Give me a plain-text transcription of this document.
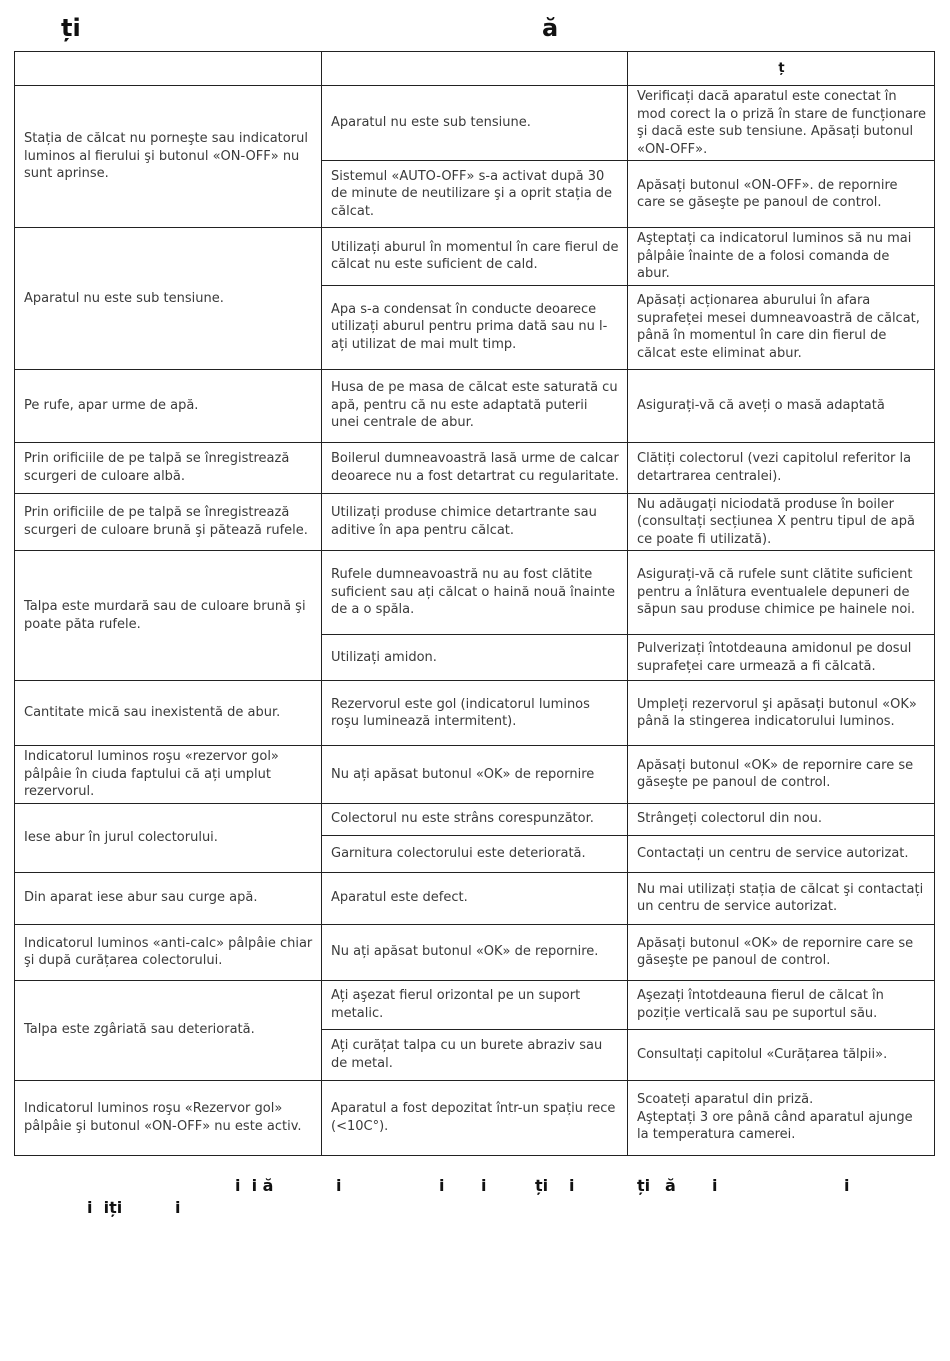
ți	ă
		ț
Stația de călcat nu porneşte sau indicatorul luminos al fierului şi butonul «ON-OFF» nu sunt aprinse.	Aparatul nu este sub tensiune.	Verificați dacă aparatul este conectat în mod corect la o priză în stare de funcționare şi dacă este sub tensiune. Apăsați butonul «ON-OFF».
	Sistemul «AUTO-OFF» s-a activat după 30 de minute de neutilizare şi a oprit stația de călcat.	Apăsați butonul «ON-OFF». de repornire care se găseşte pe panoul de control.
Aparatul nu este sub tensiune.	Utilizați aburul în momentul în care fierul de călcat nu este suficient de cald.	Aşteptați ca indicatorul luminos să nu mai pâlpâie înainte de a folosi comanda de abur.
	Apa s-a condensat în conducte deoarece utilizați aburul pentru prima dată sau nu l-ați utilizat de mai mult timp.	Apăsați acționarea aburului în afara suprafeței mesei dumneavoastră de călcat, până în momentul în care din fierul de călcat este eliminat abur.
Pe rufe, apar urme de apă.	Husa de pe masa de călcat este saturată cu apă, pentru că nu este adaptată puterii unei centrale de abur.	Asigurați-vă că aveți o masă adaptată
Prin orificiile de pe talpă se înregistrează scurgeri de culoare albă.	Boilerul dumneavoastră lasă urme de calcar deoarece nu a fost detartrat cu regularitate.	Clătiți colectorul (vezi capitolul referitor la detartrarea centralei).
Prin orificiile de pe talpă se înregistrează scurgeri de culoare brună şi pătează rufele.	Utilizați produse chimice detartrante sau aditive în apa pentru călcat.	Nu adăugați niciodată produse în boiler (consultați secțiunea X pentru tipul de apă ce poate fi utilizată).
Talpa este murdară sau de culoare brună şi poate păta rufele.	Rufele dumneavoastră nu au fost clătite suficient sau ați călcat o haină nouă înainte de a o spăla.	Asigurați-vă că rufele sunt clătite suficient pentru a înlătura eventualele depuneri de săpun sau produse chimice pe hainele noi.
	Utilizați amidon.	Pulverizați întotdeauna amidonul pe dosul suprafeței care urmează a fi călcată.
Cantitate mică sau inexistentă de abur.	Rezervorul este gol (indicatorul luminos roşu luminează intermitent).	Umpleți rezervorul şi apăsați butonul «OK» până la stingerea indicatorului luminos.
Indicatorul luminos roşu «rezervor gol» pâlpâie în ciuda faptului că ați umplut rezervorul.	Nu ați apăsat butonul «OK» de repornire	Apăsați butonul «OK» de repornire care se găseşte pe panoul de control.
Iese abur în jurul colectorului.	Colectorul nu este strâns corespunzător.	Strângeți colectorul din nou.
	Garnitura colectorului este deteriorată.	Contactați un centru de service autorizat.
Din aparat iese abur sau curge apă.	Aparatul este defect.	Nu mai utilizați stația de călcat şi contactați un centru de service autorizat.
Indicatorul luminos «anti-calc» pâlpâie chiar şi după curățarea colectorului.	Nu ați apăsat butonul «OK» de repornire.	Apăsați butonul «OK» de repornire care se găseşte pe panoul de control.
Talpa este zgâriată sau deteriorată.	Ați aşezat fierul orizontal pe un suport metalic.	Aşezați întotdeauna fierul de călcat în poziție verticală sau pe suportul său.
	Ați curățat talpa cu un burete abraziv sau de metal.	Consultați capitolul «Curățarea tălpii».
Indicatorul luminos roşu «Rezervor gol» pâlpâie şi butonul «ON-OFF» nu este activ.	Aparatul a fost depozitat într-un spațiu rece (<10C°).	Scoateți aparatul din priză.
Aşteptați 3 ore până când aparatul ajunge la temperatura camerei.
i  i ă	i	i i	ți i	ți ă i	i
i  iți	i
